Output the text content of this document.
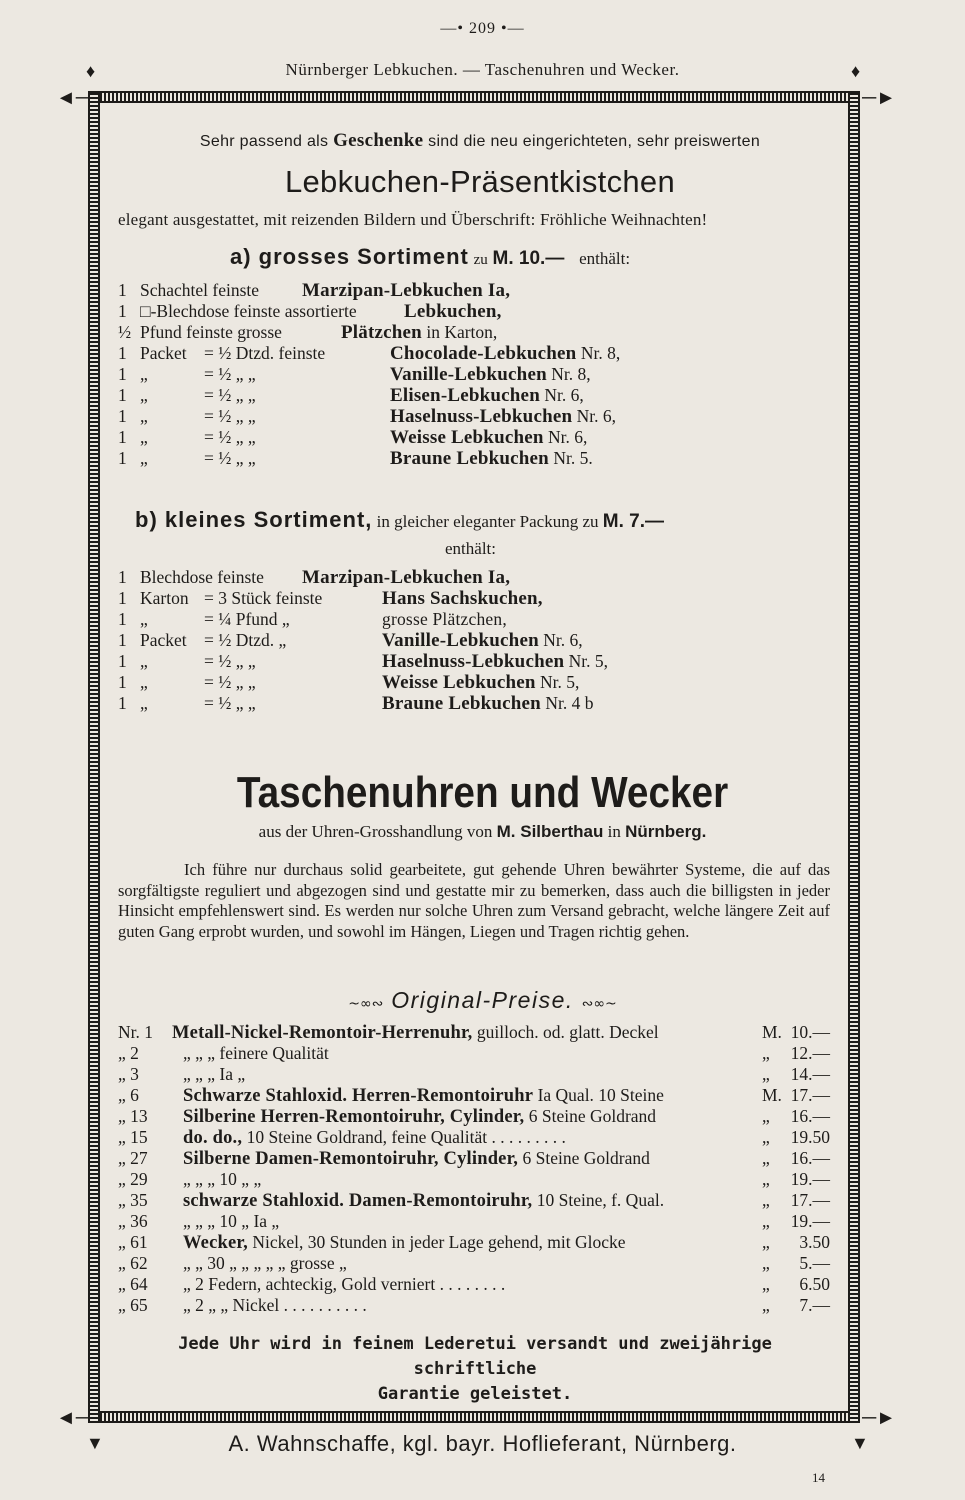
—• 209 •—
Nürnberger Lebkuchen. — Taschenuhren und Wecker.
◄─	─►
◄─	─►
♦	♦
▼	▼
Sehr passend als Geschenke sind die neu eingerichteten, sehr preiswerten
Lebkuchen-Präsentkistchen
elegant ausgestattet, mit reizenden Bildern und Überschrift: Fröhliche Weihnachten!
a) grosses Sortiment zu M. 10.— enthält:
1 Schachtel feinste Marzipan-Lebkuchen Ia,
1 □-Blechdose feinste assortierte Lebkuchen,
½ Pfund feinste grosse	Plätzchen in Karton,
1 Packet = ½ Dtzd. feinste	Chocolade-Lebkuchen Nr. 8,
1 „	= ½ „ „	Vanille-Lebkuchen Nr. 8,
1 „	= ½ „ „	Elisen-Lebkuchen Nr. 6,
1 „	= ½ „ „	Haselnuss-Lebkuchen Nr. 6,
1 „	= ½ „ „	Weisse Lebkuchen Nr. 6,
1 „	= ½ „ „	Braune Lebkuchen Nr. 5.
b) kleines Sortiment, in gleicher eleganter Packung zu M. 7.—
enthält:
1 Blechdose feinste Marzipan-Lebkuchen Ia,
1 Karton = 3 Stück feinste	Hans Sachskuchen,
1 „	= ¼ Pfund „	grosse Plätzchen,
1 Packet = ½ Dtzd. „	Vanille-Lebkuchen Nr. 6,
1 „	= ½ „ „	Haselnuss-Lebkuchen Nr. 5,
1 „	= ½ „ „	Weisse Lebkuchen Nr. 5,
1 „	= ½ „ „	Braune Lebkuchen Nr. 4 b
Taschenuhren und Wecker
aus der Uhren-Grosshandlung von M. Silberthau in Nürnberg.

Ich führe nur durchaus solid gearbeitete, gut gehende Uhren bewährter Systeme, die auf das sorgfältigste reguliert und abgezogen sind und gestatte mir zu bemerken, dass auch die billigsten in jeder Hinsicht empfehlenswert sind. Es werden nur solche Uhren zum Versand gebracht, welche längere Zeit auf guten Gang erprobt wurden, und sowohl im Hängen, Liegen und Tragen richtig gehen.

~∞∾ Original-Preise. ∾∞~
Nr. 1 Metall-Nickel-Remontoir-Herrenuhr, guilloch. od. glatt. Deckel	M. 10.—
„ 2	„ „ „ feinere Qualität	„ 12.—
„ 3	„ „ „ Ia „	„ 14.—
„ 6 Schwarze Stahloxid. Herren-Remontoiruhr Ia Qual. 10 Steine	M. 17.—
„ 13 Silberine Herren-Remontoiruhr, Cylinder, 6 Steine Goldrand	„ 16.—
„ 15 do. do., 10 Steine Goldrand, feine Qualität . . . . . . . . .	„ 19.50
„ 27 Silberne Damen-Remontoiruhr, Cylinder, 6 Steine Goldrand	„ 16.—
„ 29 „ „ „ 10 „ „	„ 19.—
„ 35 schwarze Stahloxid. Damen-Remontoiruhr, 10 Steine, f. Qual.	„ 17.—
„ 36 „ „ „ 10 „ Ia „	„ 19.—
„ 61 Wecker, Nickel, 30 Stunden in jeder Lage gehend, mit Glocke	„ 3.50
„ 62 „ „ 30 „ „ „ „ „ grosse „	„ 5.—
„ 64 „ 2 Federn, achteckig, Gold verniert . . . . . . . .	„ 6.50
„ 65 „ 2 „ „ Nickel . . . . . . . . . .	„ 7.—
Jede Uhr wird in feinem Lederetui versandt und zweijährige schriftliche
Garantie geleistet.
A. Wahnschaffe, kgl. bayr. Hoflieferant, Nürnberg.
14
